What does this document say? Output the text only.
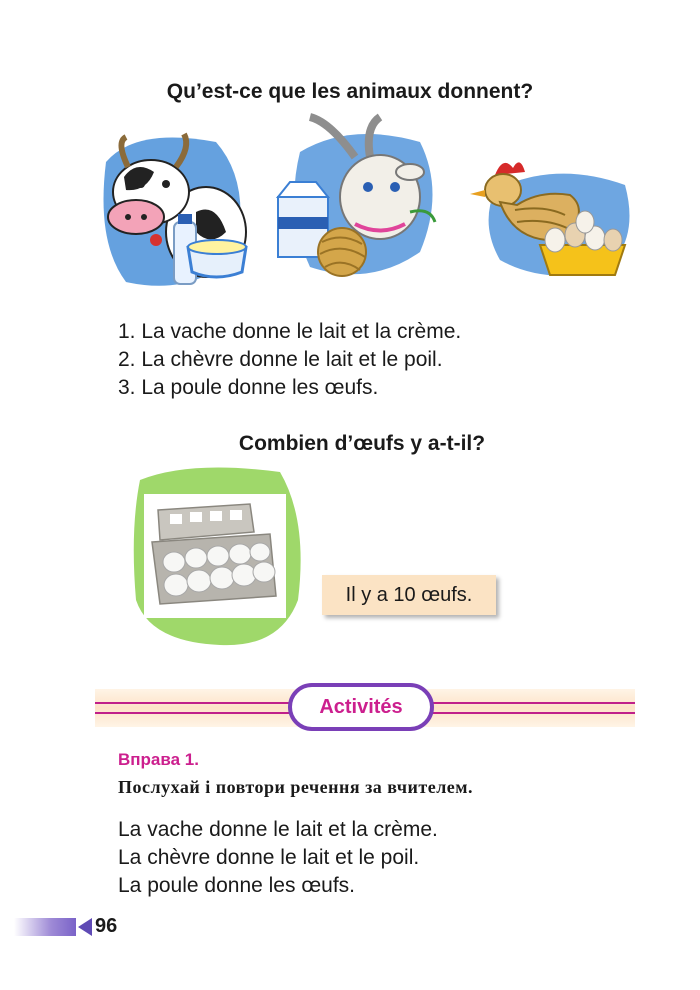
Qu’est-ce que les animaux donnent?
1. La vache donne le lait et la crème.
2. La chèvre donne le lait et le poil.
3. La poule donne les œufs.
Combien d’œufs y a-t-il?
Il y a 10 œufs.
Activités
Вправа 1.
Послухай і повтори речення за вчителем.
La vache donne le lait et la crème.
La chèvre donne le lait et le poil.
La poule donne les œufs.
96
